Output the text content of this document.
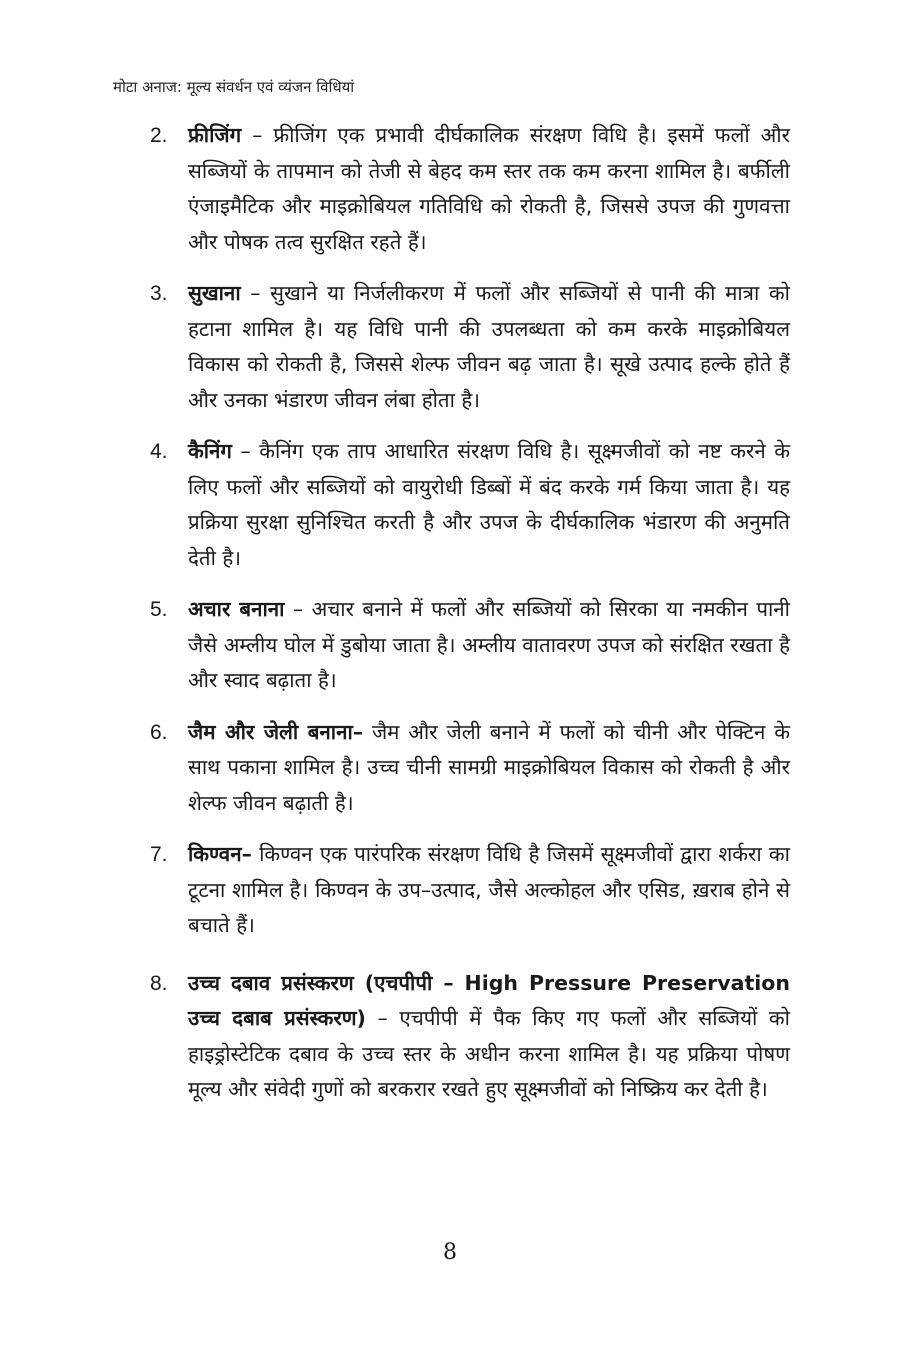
मोटा अनाज: मूल्य संवर्धन एवं व्यंजन विधियां
2. फ्रीजिंग – फ्रीजिंग एक प्रभावी दीर्घकालिक संरक्षण विधि है। इसमें फलों और सब्जियों के तापमान को तेजी से बेहद कम स्तर तक कम करना शामिल है। बर्फीली एंजाइमैटिक और माइक्रोबियल गतिविधि को रोकती है, जिससे उपज की गुणवत्ता और पोषक तत्व सुरक्षित रहते हैं।

3. सुखाना – सुखाने या निर्जलीकरण में फलों और सब्जियों से पानी की मात्रा को हटाना शामिल है। यह विधि पानी की उपलब्धता को कम करके माइक्रोबियल विकास को रोकती है, जिससे शेल्फ जीवन बढ़ जाता है। सूखे उत्पाद हल्के होते हैं और उनका भंडारण जीवन लंबा होता है।

4. कैनिंग – कैनिंग एक ताप आधारित संरक्षण विधि है। सूक्ष्मजीवों को नष्ट करने के लिए फलों और सब्जियों को वायुरोधी डिब्बों में बंद करके गर्म किया जाता है। यह प्रक्रिया सुरक्षा सुनिश्चित करती है और उपज के दीर्घकालिक भंडारण की अनुमति देती है।

5. अचार बनाना – अचार बनाने में फलों और सब्जियों को सिरका या नमकीन पानी जैसे अम्लीय घोल में डुबोया जाता है। अम्लीय वातावरण उपज को संरक्षित रखता है और स्वाद बढ़ाता है।

6. जैम और जेली बनाना– जैम और जेली बनाने में फलों को चीनी और पेक्टिन के साथ पकाना शामिल है। उच्च चीनी सामग्री माइक्रोबियल विकास को रोकती है और शेल्फ जीवन बढ़ाती है।

7. किण्वन– किण्वन एक पारंपरिक संरक्षण विधि है जिसमें सूक्ष्मजीवों द्वारा शर्करा का टूटना शामिल है। किण्वन के उप–उत्पाद, जैसे अल्कोहल और एसिड, ख़राब होने से बचाते हैं।

8. उच्च दबाव प्रसंस्करण (एचपीपी – High Pressure Preservation उच्च दबाब प्रसंस्करण) – एचपीपी में पैक किए गए फलों और सब्जियों को हाइड्रोस्टेटिक दबाव के उच्च स्तर के अधीन करना शामिल है। यह प्रक्रिया पोषण मूल्य और संवेदी गुणों को बरकरार रखते हुए सूक्ष्मजीवों को निष्क्रिय कर देती है।

8
